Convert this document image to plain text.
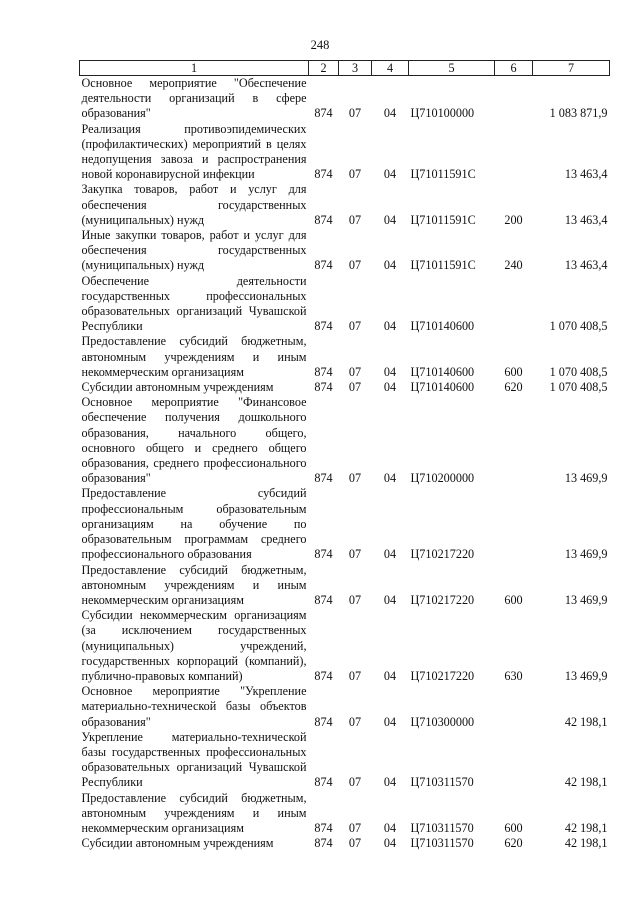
248
1	2	3	4	5	6	7
Основное мероприятие "Обеспечение деятельности организаций в сфере образования"	874	07	04	Ц710100000		1 083 871,9
Реализация противоэпидемических (профилактических) мероприятий в целях недопущения завоза и распространения новой коронавирусной инфекции	874	07	04	Ц71011591С		13 463,4
Закупка товаров, работ и услуг для обеспечения государственных (муниципальных) нужд	874	07	04	Ц71011591С	200	13 463,4
Иные закупки товаров, работ и услуг для обеспечения государственных (муниципальных) нужд	874	07	04	Ц71011591С	240	13 463,4
Обеспечение деятельности государственных профессиональных образовательных организаций Чувашской Республики	874	07	04	Ц710140600		1 070 408,5
Предоставление субсидий бюджетным, автономным учреждениям и иным некоммерческим организациям	874	07	04	Ц710140600	600	1 070 408,5
Субсидии автономным учреждениям	874	07	04	Ц710140600	620	1 070 408,5
Основное мероприятие "Финансовое обеспечение получения дошкольного образования, начального общего, основного общего и среднего общего образования, среднего профессионального образования"	874	07	04	Ц710200000		13 469,9
Предоставление субсидий профессиональным образовательным организациям на обучение по образовательным программам среднего профессионального образования	874	07	04	Ц710217220		13 469,9
Предоставление субсидий бюджетным, автономным учреждениям и иным некоммерческим организациям	874	07	04	Ц710217220	600	13 469,9
Субсидии некоммерческим организациям (за исключением государственных (муниципальных) учреждений, государственных корпораций (компаний), публично-правовых компаний)	874	07	04	Ц710217220	630	13 469,9
Основное мероприятие "Укрепление материально-технической базы объектов образования"	874	07	04	Ц710300000		42 198,1
Укрепление материально-технической базы государственных профессиональных образовательных организаций Чувашской Республики	874	07	04	Ц710311570		42 198,1
Предоставление субсидий бюджетным, автономным учреждениям и иным некоммерческим организациям	874	07	04	Ц710311570	600	42 198,1
Субсидии автономным учреждениям	874	07	04	Ц710311570	620	42 198,1
